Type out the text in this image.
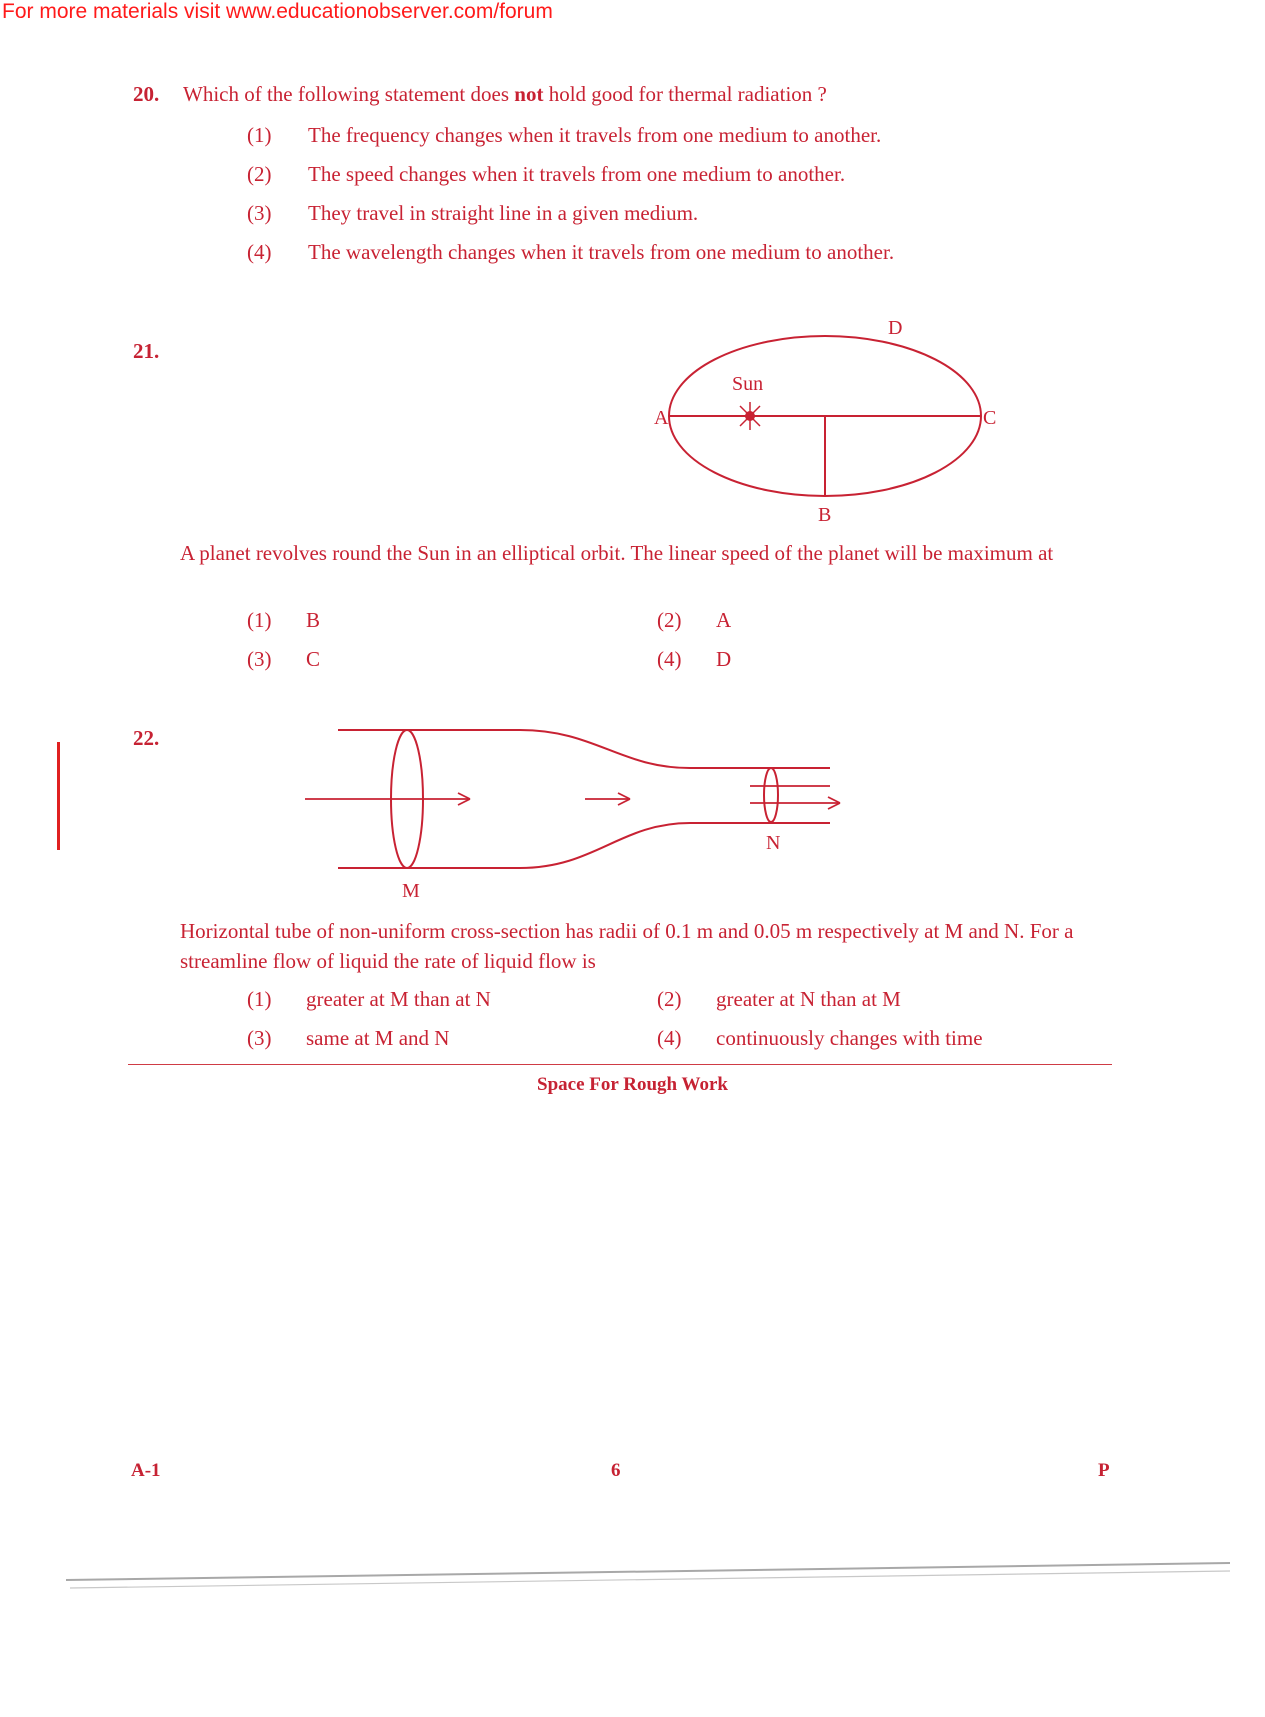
For more materials visit www.educationobserver.com/forum
20. Which of the following statement does not hold good for thermal radiation ?
(1) The frequency changes when it travels from one medium to another.
(2) The speed changes when it travels from one medium to another.
(3) They travel in straight line in a given medium.
(4) The wavelength changes when it travels from one medium to another.
21.
Sun
A	C
D
B
A planet revolves round the Sun in an elliptical orbit. The linear speed of the planet will be maximum at
(1) B	(2) A
(3) C	(4) D
22.
N
M
Horizontal tube of non-uniform cross-section has radii of 0.1 m and 0.05 m respectively at M and N. For a streamline flow of liquid the rate of liquid flow is
(1) greater at M than at N	(2) greater at N than at M
(3) same at M and N	(4) continuously changes with time
Space For Rough Work
A-1	6	P
